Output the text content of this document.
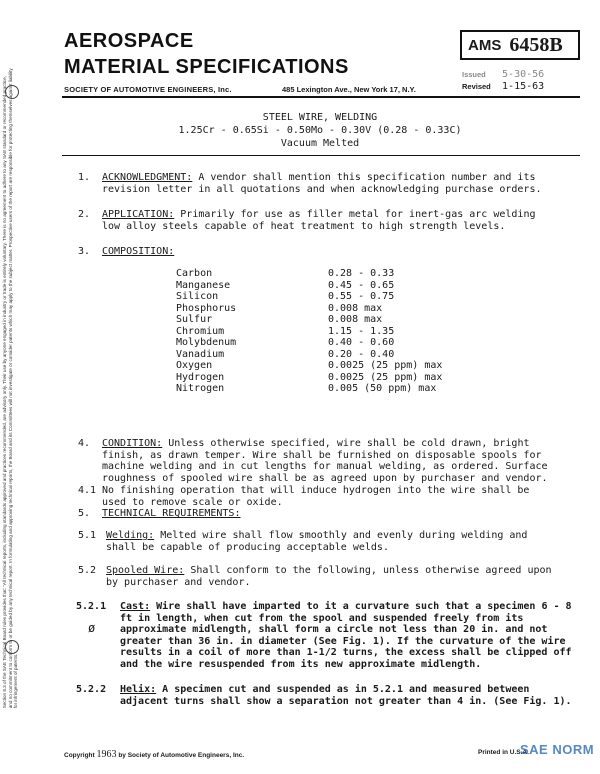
AEROSPACE
MATERIAL SPECIFICATIONS
SOCIETY OF AUTOMOTIVE ENGINEERS, Inc.	485 Lexington Ave., New York 17, N.Y.
AMS 6458B
Issued 5-30-56
Revised 1-15-63
Section 8.3 of the SAE Technical Board rules provides that: "All technical reports, including standards approved and practices recommended, are advisory only. Their use by anyone engaged in industry or trade is entirely voluntary. There is no agreement to adhere to any SAE standard or recommended practice, and no commitment to conform to or be guided by any technical report. In formulating and approving technical reports, the Board and its Committees will not investigate or consider patents which may apply to the subject matter. Prospective users of the report are responsible for protecting themselves against liability for infringement of patents."
STEEL WIRE, WELDING
1.25Cr - 0.65Si - 0.50Mo - 0.30V (0.28 - 0.33C)
Vacuum Melted
1. ACKNOWLEDGMENT: A vendor shall mention this specification number and its revision letter in all quotations and when acknowledging purchase orders.
2. APPLICATION: Primarily for use as filler metal for inert-gas arc welding low alloy steels capable of heat treatment to high strength levels.
3. COMPOSITION:
Carbon	0.28 - 0.33
Manganese	0.45 - 0.65
Silicon	0.55 - 0.75
Phosphorus	0.008 max
Sulfur	0.008 max
Chromium	1.15 - 1.35
Molybdenum	0.40 - 0.60
Vanadium	0.20 - 0.40
Oxygen	0.0025 (25 ppm) max
Hydrogen	0.0025 (25 ppm) max
Nitrogen	0.005 (50 ppm) max
4. CONDITION: Unless otherwise specified, wire shall be cold drawn, bright finish, as drawn temper. Wire shall be furnished on disposable spools for machine welding and in cut lengths for manual welding, as ordered. Surface roughness of spooled wire shall be as agreed upon by purchaser and vendor.
4.1 No finishing operation that will induce hydrogen into the wire shall be used to remove scale or oxide.
5. TECHNICAL REQUIREMENTS:
5.1 Welding: Melted wire shall flow smoothly and evenly during welding and shall be capable of producing acceptable welds.
5.2 Spooled Wire: Shall conform to the following, unless otherwise agreed upon by purchaser and vendor.
5.2.1
ø
Cast: Wire shall have imparted to it a curvature such that a specimen 6 - 8 ft in length, when cut from the spool and suspended freely from its approximate midlength, shall form a circle not less than 20 in. and not greater than 36 in. in diameter (See Fig. 1). If the curvature of the wire results in a coil of more than 1-1/2 turns, the excess shall be clipped off and the wire resuspended from its new approximate midlength.
5.2.2 Helix: A specimen cut and suspended as in 5.2.1 and measured between adjacent turns shall show a separation not greater than 4 in. (See Fig. 1).
Copyright 1963 by Society of Automotive Engineers, Inc.	Printed in U.S.A.
SAE NORM
